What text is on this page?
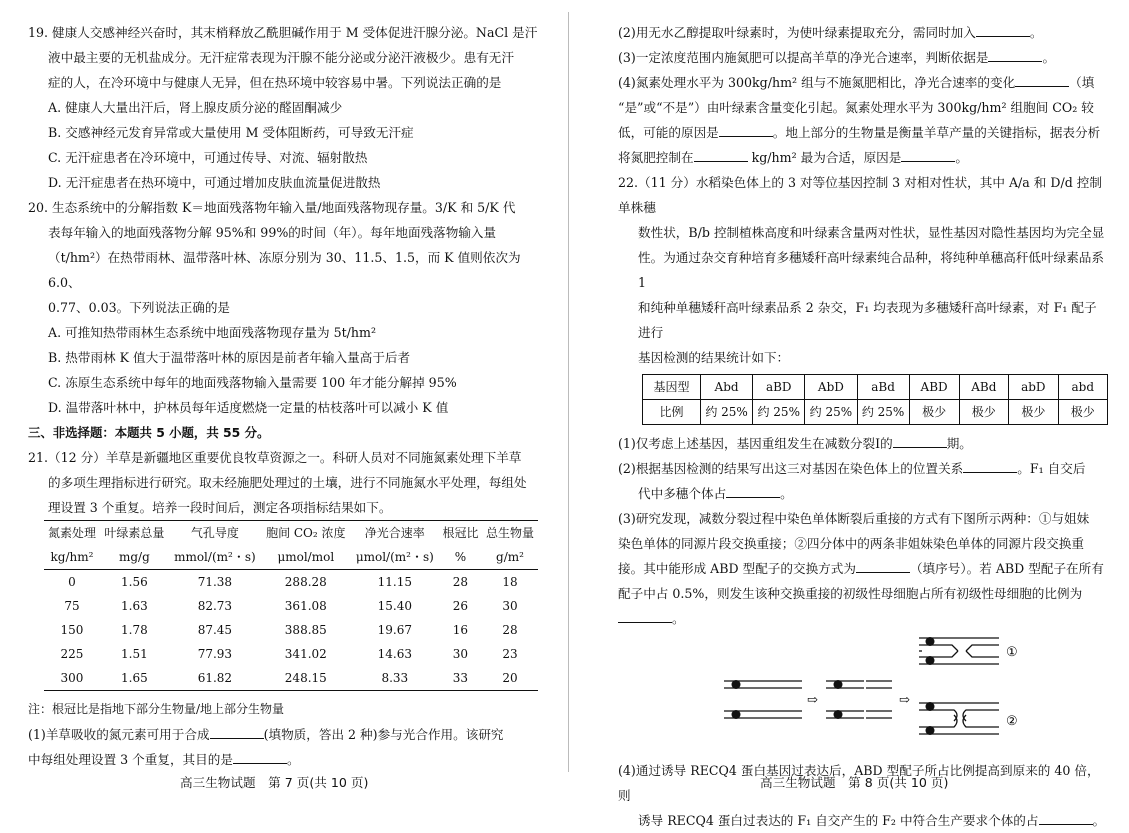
19. 健康人交感神经兴奋时，其末梢释放乙酰胆碱作用于 M 受体促进汗腺分泌。NaCl 是汗
液中最主要的无机盐成分。无汗症常表现为汗腺不能分泌或分泌汗液极少。患有无汗
症的人，在冷环境中与健康人无异，但在热环境中较容易中暑。下列说法正确的是
A. 健康人大量出汗后，肾上腺皮质分泌的醛固酮减少
B. 交感神经元发育异常或大量使用 M 受体阻断药，可导致无汗症
C. 无汗症患者在冷环境中，可通过传导、对流、辐射散热
D. 无汗症患者在热环境中，可通过增加皮肤血流量促进散热
20. 生态系统中的分解指数 K＝地面残落物年输入量/地面残落物现存量。3/K 和 5/K 代
表每年输入的地面残落物分解 95%和 99%的时间（年）。每年地面残落物输入量
（t/hm²）在热带雨林、温带落叶林、冻原分别为 30、11.5、1.5，而 K 值则依次为 6.0、
0.77、0.03。下列说法正确的是
A. 可推知热带雨林生态系统中地面残落物现存量为 5t/hm²
B. 热带雨林 K 值大于温带落叶林的原因是前者年输入量高于后者
C. 冻原生态系统中每年的地面残落物输入量需要 100 年才能分解掉 95%
D. 温带落叶林中，护林员每年适度燃烧一定量的枯枝落叶可以减小 K 值
三、非选择题：本题共 5 小题，共 55 分。
21.（12 分）羊草是新疆地区重要优良牧草资源之一。科研人员对不同施氮素处理下羊草
的多项生理指标进行研究。取未经施肥处理过的土壤，进行不同施氮水平处理，每组处
理设置 3 个重复。培养一段时间后，测定各项指标结果如下。
氮素处理	叶绿素总量	气孔导度	胞间 CO₂ 浓度	净光合速率	根冠比	总生物量
kg/hm²	mg/g	mmol/(m²・s)	μmol/mol	μmol/(m²・s)	%	g/m²
0	1.56	71.38	288.28	11.15	28	18
75	1.63	82.73	361.08	15.40	26	30
150	1.78	87.45	388.85	19.67	16	28
225	1.51	77.93	341.02	14.63	30	23
300	1.65	61.82	248.15	8.33	33	20
注：根冠比是指地下部分生物量/地上部分生物量
(1)羊草吸收的氮元素可用于合成	(填物质，答出 2 种)参与光合作用。该研究
中每组处理设置 3 个重复，其目的是	。
(2)用无水乙醇提取叶绿素时，为使叶绿素提取充分，需同时加入	。
(3)一定浓度范围内施氮肥可以提高羊草的净光合速率，判断依据是	。
(4)氮素处理水平为 300kg/hm² 组与不施氮肥相比，净光合速率的变化	（填
“是”或“不是”）由叶绿素含量变化引起。氮素处理水平为 300kg/hm² 组胞间 CO₂ 较
低，可能的原因是	。地上部分的生物量是衡量羊草产量的关键指标，据表分析
将氮肥控制在	kg/hm² 最为合适，原因是	。
22.（11 分）水稻染色体上的 3 对等位基因控制 3 对相对性状，其中 A/a 和 D/d 控制单株穗
数性状，B/b 控制植株高度和叶绿素含量两对性状，显性基因对隐性基因均为完全显
性。为通过杂交育种培育多穗矮秆高叶绿素纯合品种，将纯种单穗高秆低叶绿素品系 1
和纯种单穗矮秆高叶绿素品系 2 杂交，F₁ 均表现为多穗矮秆高叶绿素，对 F₁ 配子进行
基因检测的结果统计如下：
基因型	Abd	aBD	AbD	aBd	ABD	ABd	abD	abd
比例	约 25%	约 25%	约 25%	约 25%	极少	极少	极少	极少
(1)仅考虑上述基因，基因重组发生在减数分裂Ⅰ的	期。
(2)根据基因检测的结果写出这三对基因在染色体上的位置关系	。F₁ 自交后
代中多穗个体占	。
(3)研究发现，减数分裂过程中染色单体断裂后重接的方式有下图所示两种：①与姐妹
染色单体的同源片段交换重接；②四分体中的两条非姐妹染色单体的同源片段交换重
接。其中能形成 ABD 型配子的交换方式为	（填序号）。若 ABD 型配子在所有
配子中占 0.5%，则发生该种交换重接的初级性母细胞占所有初级性母细胞的比例为
。
⇨	⇨
①
②
(4)通过诱导 RECQ4 蛋白基因过表达后，ABD 型配子所占比例提高到原来的 40 倍，则
诱导 RECQ4 蛋白过表达的 F₁ 自交产生的 F₂ 中符合生产要求个体的占	。
高三生物试题　第 7 页(共 10 页)	高三生物试题　第 8 页(共 10 页)
